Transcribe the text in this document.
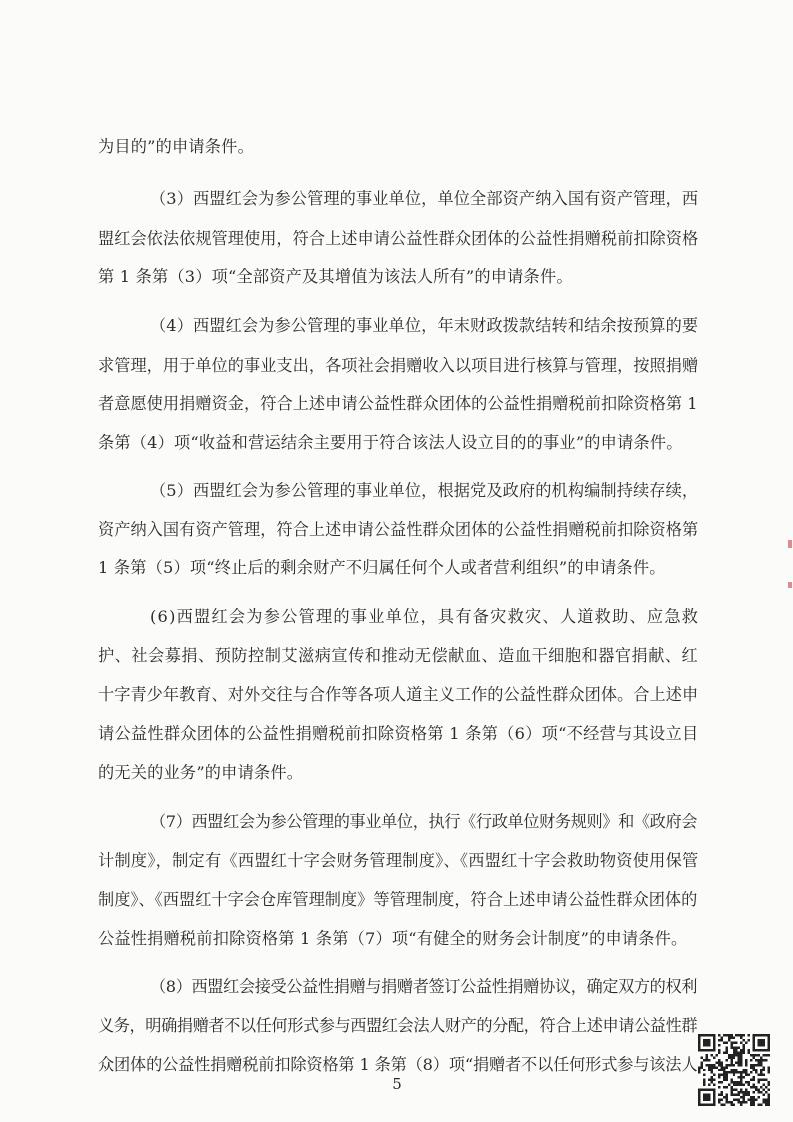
为目的”的申请条件。
（3）西盟红会为参公管理的事业单位，单位全部资产纳入国有资产管理，西
盟红会依法依规管理使用，符合上述申请公益性群众团体的公益性捐赠税前扣除资格
第 1 条第（3）项“全部资产及其增值为该法人所有”的申请条件。
（4）西盟红会为参公管理的事业单位，年末财政拨款结转和结余按预算的要
求管理，用于单位的事业支出，各项社会捐赠收入以项目进行核算与管理，按照捐赠
者意愿使用捐赠资金，符合上述申请公益性群众团体的公益性捐赠税前扣除资格第 1
条第（4）项“收益和营运结余主要用于符合该法人设立目的的事业”的申请条件。
（5）西盟红会为参公管理的事业单位，根据党及政府的机构编制持续存续，
资产纳入国有资产管理，符合上述申请公益性群众团体的公益性捐赠税前扣除资格第
1 条第（5）项“终止后的剩余财产不归属任何个人或者营利组织”的申请条件。
(6)西盟红会为参公管理的事业单位，具有备灾救灾、人道救助、应急救
护、社会募捐、预防控制艾滋病宣传和推动无偿献血、造血干细胞和器官捐献、红
十字青少年教育、对外交往与合作等各项人道主义工作的公益性群众团体。合上述申
请公益性群众团体的公益性捐赠税前扣除资格第 1 条第（6）项“不经营与其设立目
的无关的业务”的申请条件。
（7）西盟红会为参公管理的事业单位，执行《行政单位财务规则》和《政府会
计制度》，制定有《西盟红十字会财务管理制度》、《西盟红十字会救助物资使用保管
制度》、《西盟红十字会仓库管理制度》等管理制度，符合上述申请公益性群众团体的
公益性捐赠税前扣除资格第 1 条第（7）项“有健全的财务会计制度”的申请条件。
（8）西盟红会接受公益性捐赠与捐赠者签订公益性捐赠协议，确定双方的权利
义务，明确捐赠者不以任何形式参与西盟红会法人财产的分配，符合上述申请公益性群
众团体的公益性捐赠税前扣除资格第 1 条第（8）项“捐赠者不以任何形式参与该法人
5
